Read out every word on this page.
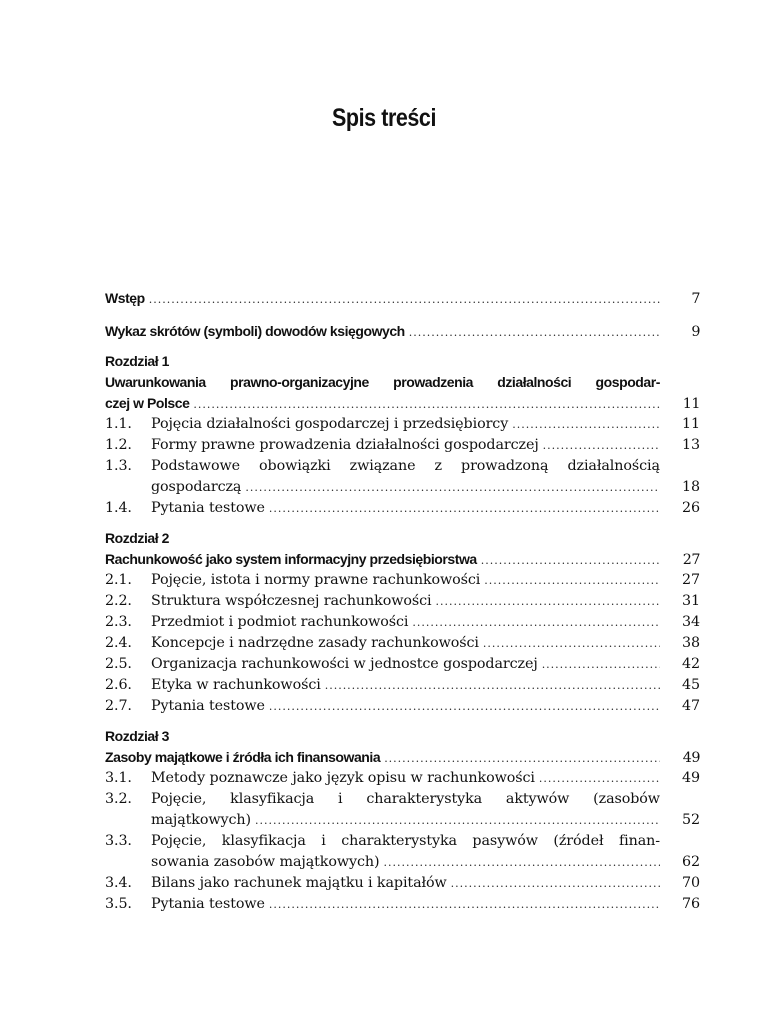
Spis treści
Wstęp .....	7
Wykaz skrótów (symboli) dowodów księgowych .....	9
Rozdział 1
Uwarunkowania prawno-organizacyjne prowadzenia działalności gospodar-
czej w Polsce .....	11
1.1.	Pojęcia działalności gospodarczej i przedsiębiorcy .....	11
1.2.	Formy prawne prowadzenia działalności gospodarczej .....	13
1.3.	Podstawowe obowiązki związane z prowadzoną działalnością
gospodarczą .....	18
1.4.	Pytania testowe .....	26
Rozdział 2
Rachunkowość jako system informacyjny przedsiębiorstwa .....	27
2.1.	Pojęcie, istota i normy prawne rachunkowości .....	27
2.2.	Struktura współczesnej rachunkowości .....	31
2.3.	Przedmiot i podmiot rachunkowości .....	34
2.4.	Koncepcje i nadrzędne zasady rachunkowości .....	38
2.5.	Organizacja rachunkowości w jednostce gospodarczej .....	42
2.6.	Etyka w rachunkowości .....	45
2.7.	Pytania testowe .....	47
Rozdział 3
Zasoby majątkowe i źródła ich finansowania .....	49
3.1.	Metody poznawcze jako język opisu w rachunkowości .....	49
3.2.	Pojęcie, klasyfikacja i charakterystyka aktywów (zasobów
majątkowych) .....	52
3.3.	Pojęcie, klasyfikacja i charakterystyka pasywów (źródeł finan-
sowania zasobów majątkowych) .....	62
3.4.	Bilans jako rachunek majątku i kapitałów .....	70
3.5.	Pytania testowe .....	76
